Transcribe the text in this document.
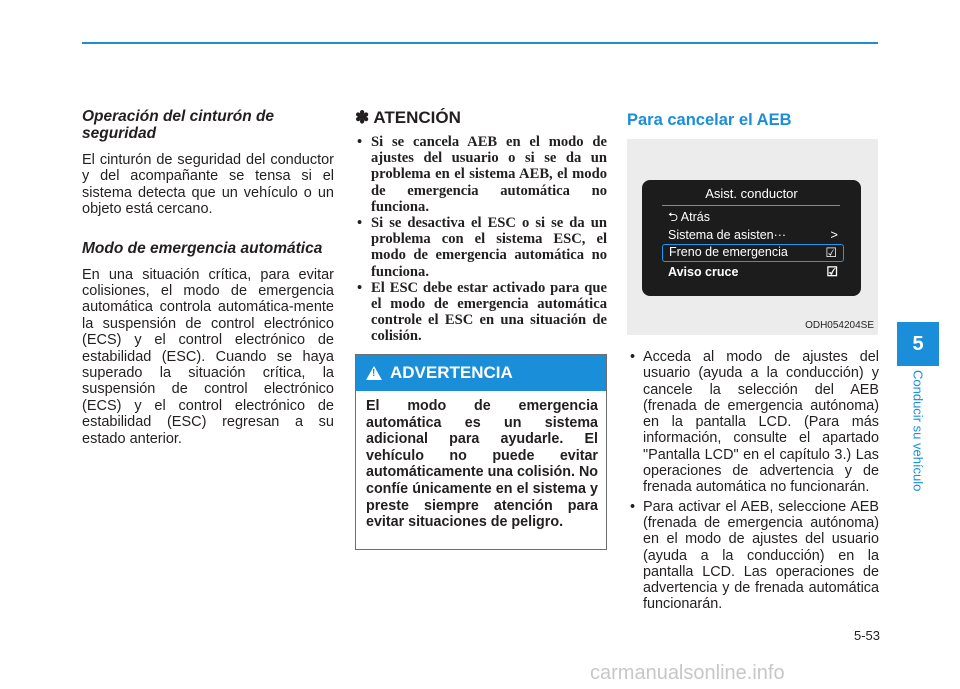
Operación del cinturón de seguridad
El cinturón de seguridad del conductor y del acompañante se tensa si el sistema detecta que un vehículo o un objeto está cercano.
Modo de emergencia automática
En una situación crítica, para evitar colisiones, el modo de emergencia automática controla automática-mente la suspensión de control electrónico (ECS) y el control electrónico de estabilidad (ESC). Cuando se haya superado la situación crítica, la suspensión de control electrónico (ECS) y el control electrónico de estabilidad (ESC) regresan a su estado anterior.
✽ ATENCIÓN
• Si se cancela AEB en el modo de ajustes del usuario o si se da un problema en el sistema AEB, el modo de emergencia automática no funciona.
• Si se desactiva el ESC o si se da un problema con el sistema ESC, el modo de emergencia automática no funciona.
• El ESC debe estar activado para que el modo de emergencia automática controle el ESC en una situación de colisión.
! ADVERTENCIA
El modo de emergencia automática es un sistema adicional para ayudarle. El vehículo no puede evitar automáticamente una colisión. No confíe únicamente en el sistema y preste siempre atención para evitar situaciones de peligro.
Para cancelar el AEB
Asist. conductor
⮌ Atrás
Sistema de asisten···	>
Freno de emergencia	☑
Aviso cruce	☑
ODH054204SE
• Acceda al modo de ajustes del usuario (ayuda a la conducción) y cancele la selección del AEB (frenada de emergencia autónoma) en la pantalla LCD. (Para más información, consulte el apartado "Pantalla LCD" en el capítulo 3.) Las operaciones de advertencia y de frenada automática no funcionarán.
• Para activar el AEB, seleccione AEB (frenada de emergencia autónoma) en el modo de ajustes del usuario (ayuda a la conducción) en la pantalla LCD. Las operaciones de advertencia y de frenada automática funcionarán.
5
Conducir su vehículo
5-53
carmanualsonline.info
